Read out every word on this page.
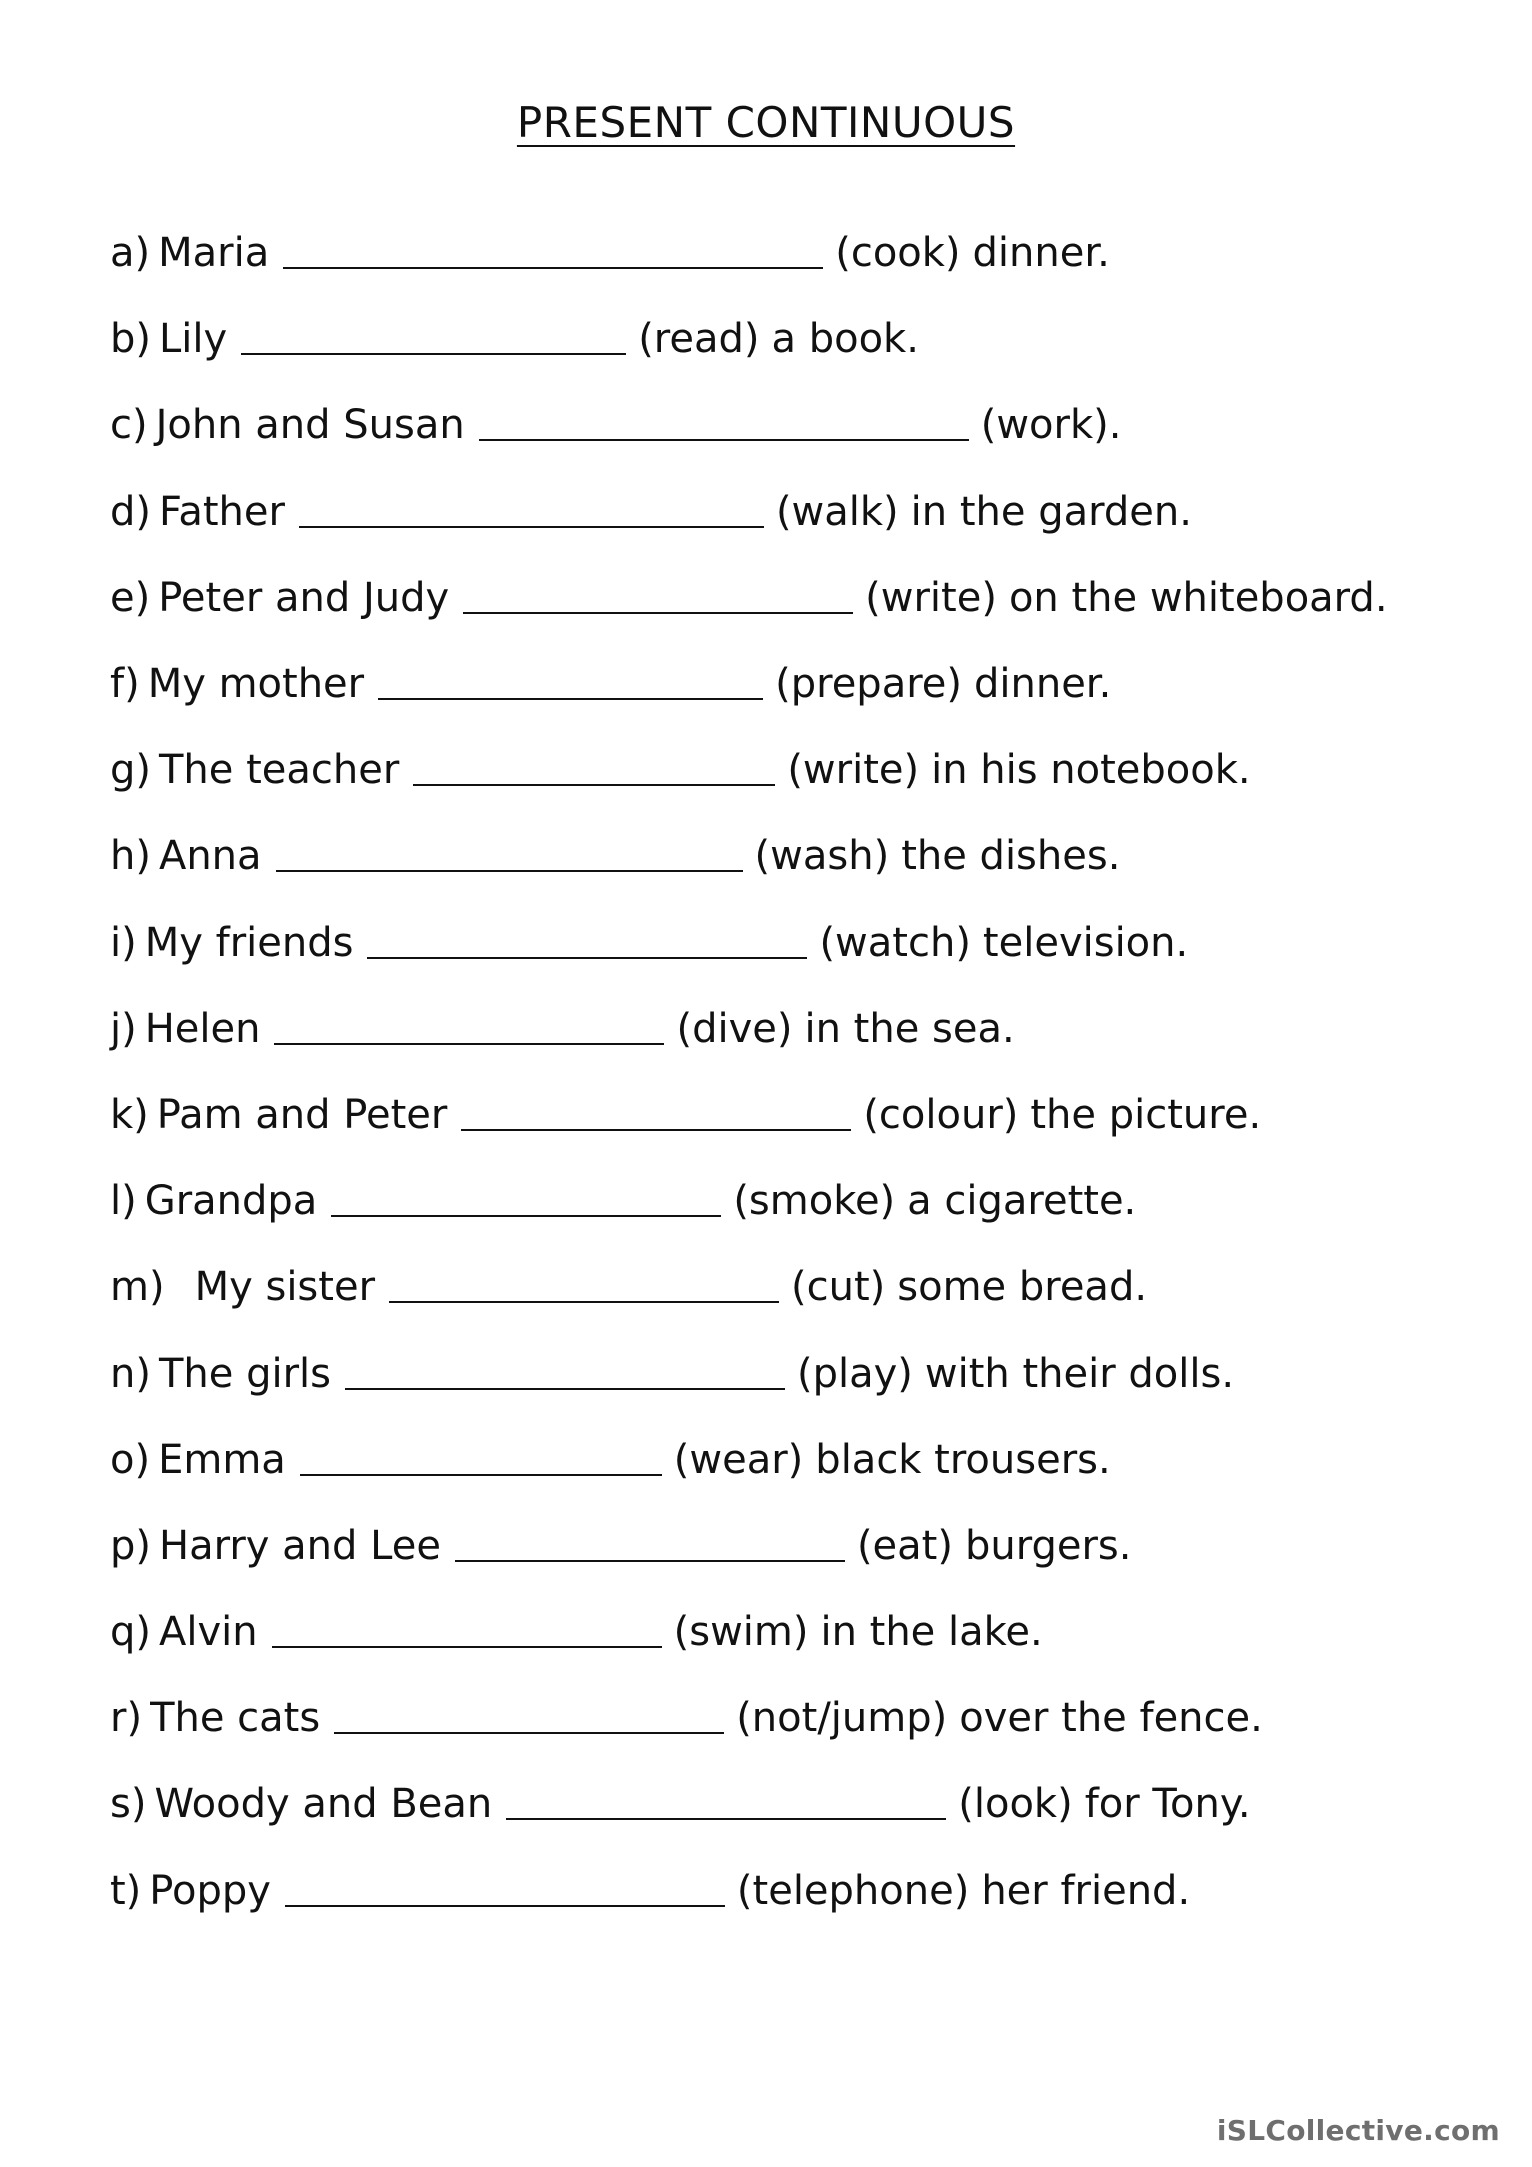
PRESENT CONTINUOUS
a) Maria	(cook) dinner.
b) Lily	(read) a book.
c) John and Susan	(work).
d) Father	(walk) in the garden.
e) Peter and Judy	(write) on the whiteboard.
f) My mother	(prepare) dinner.
g) The teacher	(write) in his notebook.
h) Anna	(wash) the dishes.
i) My friends	(watch) television.
j) Helen	(dive) in the sea.
k) Pam and Peter	(colour) the picture.
l) Grandpa	(smoke) a cigarette.
m) My sister	(cut) some bread.
n) The girls	(play) with their dolls.
o) Emma	(wear) black trousers.
p) Harry and Lee	(eat) burgers.
q) Alvin	(swim) in the lake.
r) The cats	(not/jump) over the fence.
s) Woody and Bean	(look) for Tony.
t) Poppy	(telephone) her friend.
iSLCollective.com
